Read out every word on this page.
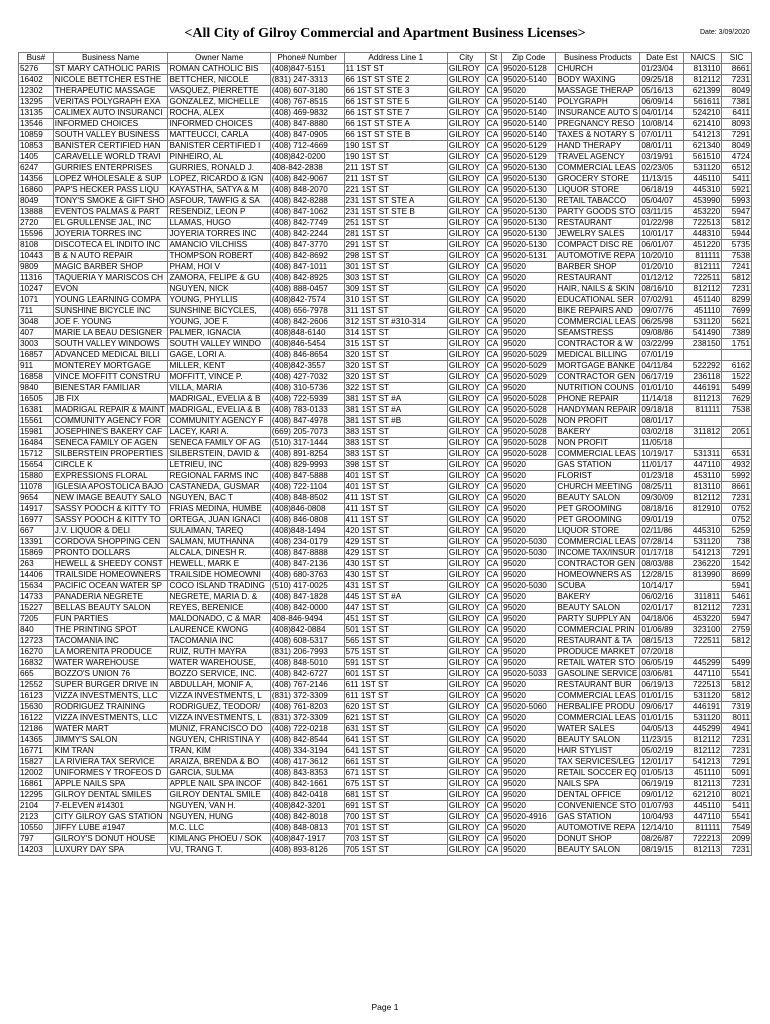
<All City of Gilroy Commercial and Apartment Business Licenses>	Date: 3/09/2020
Bus#	Business Name	Owner Name	Phone# Number	Address Line 1	City	St	Zip Code	Business Products	Date Est	NAICS	SIC
5276	ST MARY CATHOLIC PARIS	ROMAN CATHOLIC BIS	(408)847-5151	11 1ST ST	GILROY	CA	95020-5128	CHURCH	01/23/04	813110	8661
16402	NICOLE BETTCHER ESTHE	BETTCHER, NICOLE	(831) 247-3313	66 1ST ST STE 2	GILROY	CA	95020-5140	BODY WAXING	09/25/18	812112	7231
12302	THERAPEUTIC MASSAGE	VASQUEZ, PIERRETTE	(408) 607-3180	66 1ST ST STE 3	GILROY	CA	95020	MASSAGE THERAP	05/16/13	621399	8049
13295	VERITAS POLYGRAPH EXA	GONZALEZ, MICHELLE	(408) 767-8515	66 1ST ST STE 5	GILROY	CA	95020-5140	POLYGRAPH	06/09/14	561611	7381
13135	CALIMEX AUTO INSURANCI	ROCHA, ALEX	(408) 469-9832	66 1ST ST STE 7	GILROY	CA	95020-5140	INSURANCE AUTO S	04/01/14	524210	6411
13546	INFORMED CHOICES	INFORMED CHOICES	(408) 847-8880	66 1ST ST STE A	GILROY	CA	95020-5140	PREGNANCY RESO	10/08/14	621410	8093
10859	SOUTH VALLEY BUSINESS	MATTEUCCI, CARLA	(408) 847-0905	66 1ST ST STE B	GILROY	CA	95020-5140	TAXES & NOTARY S	07/01/11	541213	7291
10853	BANISTER CERTIFIED HAN	BANISTER CERTIFIED I	(408) 712-4669	190 1ST ST	GILROY	CA	95020-5129	HAND THERAPY	08/01/11	621340	8049
1405	CARAVELLE WORLD TRAVI	PINHEIRO, AL	(408)842-0200	190 1ST ST	GILROY	CA	95020-5129	TRAVEL AGENCY	03/19/91	561510	4724
6247	GURRIES ENTERPRISES	GURRIES, RONALD J.	408-842-2838	211 1ST ST	GILROY	CA	95020-5130	COMMERCIAL LEAS	02/23/05	531120	6512
14356	LOPEZ WHOLESALE & SUP	LOPEZ, RICARDO & IGN	(408) 842-9067	211 1ST ST	GILROY	CA	95020-5130	GROCERY STORE	11/13/15	445110	5411
16860	PAP'S HECKER PASS LIQU	KAYASTHA, SATYA & M	(408) 848-2070	221 1ST ST	GILROY	CA	95020-5130	LIQUOR STORE	06/18/19	445310	5921
8049	TONY'S SMOKE & GIFT SHO	ASFOUR, TAWFIG & SA	(408) 842-8288	231 1ST ST STE A	GILROY	CA	95020-5130	RETAIL TABACCO	05/04/07	453990	5993
13888	EVENTOS PALMAS & PART	RESENDIZ, LEON P	(408) 847-1062	231 1ST ST STE B	GILROY	CA	95020-5130	PARTY GOODS STO	03/11/15	453220	5947
2720	EL GRULLENSE JAL, INC	LLAMAS, HUGO	(408) 842-7749	251 1ST ST	GILROY	CA	95020-5130	RESTAURANT	01/22/98	722513	5812
15596	JOYERIA TORRES INC	JOYERIA TORRES INC	(408) 842-2244	281 1ST ST	GILROY	CA	95020-5130	JEWELRY SALES	10/01/17	448310	5944
8108	DISCOTECA EL INDITO INC	AMANCIO VILCHISS	(408) 847-3770	291 1ST ST	GILROY	CA	95020-5130	COMPACT DISC RE	06/01/07	451220	5735
10443	B & N AUTO REPAIR	THOMPSON ROBERT	(408) 842-8692	298 1ST ST	GILROY	CA	95020-5131	AUTOMOTIVE REPA	10/20/10	811111	7538
9809	MAGIC BARBER SHOP	PHAM, HOI V	(408) 847-1011	301 1ST ST	GILROY	CA	95020	BARBER SHOP	01/20/10	812111	7241
11316	TAQUERIA Y MARISCOS CH	ZAMORA, FELIPE & GU	(408) 842-8925	303 1ST ST	GILROY	CA	95020	RESTAURANT	01/12/12	722511	5812
10247	EVON	NGUYEN, NICK	(408) 888-0457	309 1ST ST	GILROY	CA	95020	HAIR, NAILS & SKIN	08/16/10	812112	7231
1071	YOUNG LEARNING COMPA	YOUNG, PHYLLIS	(408)842-7574	310 1ST ST	GILROY	CA	95020	EDUCATIONAL SER	07/02/91	451140	8299
711	SUNSHINE BICYCLE INC	SUNSHINE BICYCLES,	(408) 656-7978	311 1ST ST	GILROY	CA	95020	BIKE REPAIRS AND	09/07/76	451110	7699
3048	JOE F. YOUNG	YOUNG, JOE F.	(408) 842-2606	312 1ST ST #310-314	GILROY	CA	95020	COMMERCIAL LEAS	06/25/98	531120	5621
407	MARIE LA BEAU DESIGNER	PALMER, IGNACIA	(408)848-6140	314 1ST ST	GILROY	CA	95020	SEAMSTRESS	09/08/86	541490	7389
3003	SOUTH VALLEY WINDOWS	SOUTH VALLEY WINDO	(408)846-5454	315 1ST ST	GILROY	CA	95020	CONTRACTOR & W	03/22/99	238150	1751
16857	ADVANCED MEDICAL BILLI	GAGE, LORI A.	(408) 846-8654	320 1ST ST	GILROY	CA	95020-5029	MEDICAL BILLING	07/01/19		
911	MONTEREY MORTGAGE	MILLER, KENT	(408)842-3557	320 1ST ST	GILROY	CA	95020-5029	MORTGAGE BANKE	04/11/84	522292	6162
16858	VINCE MOFFITT CONSTRU	MOFFITT, VINCE P.	(408) 427-7032	320 1ST ST	GILROY	CA	95020-5029	CONTRACTOR GEN	06/17/19	236118	1522
9840	BIENESTAR FAMILIAR	VILLA, MARIA	(408) 310-5736	322 1ST ST	GILROY	CA	95020	NUTRITION COUNS	01/01/10	446191	5499
16505	JB FIX	MADRIGAL, EVELIA & B	(408) 722-5939	381 1ST ST #A	GILROY	CA	95020-5028	PHONE REPAIR	11/14/18	811213	7629
16381	MADRIGAL REPAIR & MAINT	MADRIGAL, EVELIA & B	(408) 783-0133	381 1ST ST #A	GILROY	CA	95020-5028	HANDYMAN REPAIR	09/18/18	811111	7538
15561	COMMUNITY AGENCY FOR	COMMUNITY AGENCY F	(408) 847-4978	381 1ST ST #B	GILROY	CA	95020-5028	NON PROFIT	08/01/17		
15981	JOSEPHINE'S BAKERY CAF	LACEY, KARI A.	(669) 205-7073	383 1ST ST	GILROY	CA	95020-5028	BAKERY	03/02/18	311812	2051
16484	SENECA FAMILY OF AGEN	SENECA FAMILY OF AG	(510) 317-1444	383 1ST ST	GILROY	CA	95020-5028	NON PROFIT	11/05/18		
15712	SILBERSTEIN PROPERTIES	SILBERSTEIN, DAVID &	(408) 891-8254	383 1ST ST	GILROY	CA	95020-5028	COMMERCIAL LEAS	10/19/17	531311	6531
15654	CIRCLE K	LETRIEU, INC	(408) 829-9993	398 1ST ST	GILROY	CA	95020	GAS STATION	11/01/17	447110	4932
15880	EXPRESSIONS FLORAL	REGIONAL FARMS INC	(408) 847-5888	401 1ST ST	GILROY	CA	95020	FLORIST	01/23/18	453110	5992
11078	IGLESIA APOSTOLICA BAJO	CASTANEDA, GUSMAR	(408) 722-1104	401 1ST ST	GILROY	CA	95020	CHURCH MEETING	08/25/11	813110	8661
9654	NEW IMAGE BEAUTY SALO	NGUYEN, BAC T	(408) 848-8502	411 1ST ST	GILROY	CA	95020	BEAUTY SALON	09/30/09	812112	7231
14917	SASSY POOCH & KITTY TO	FRIAS MEDINA, HUMBE	(408)846-0808	411 1ST ST	GILROY	CA	95020	PET GROOMING	08/18/16	812910	0752
16977	SASSY POOCH & KITTY TO	ORTEGA, JUAN IGNACI	(408) 846-0808	411 1ST ST	GILROY	CA	95020	PET GROOMING	09/01/19		0752
667	J.V. LIQUOR & DELI	SULAIMAN, TAREQ	(408)848-1494	420 1ST ST	GILROY	CA	95020	LIQUOR STORE	02/11/86	445310	5259
13391	CORDOVA SHOPPING CEN	SALMAN, MUTHANNA	(408) 234-0179	429 1ST ST	GILROY	CA	95020-5030	COMMERCIAL LEAS	07/28/14	531120	738
15869	PRONTO DOLLARS	ALCALA, DINESH R.	(408) 847-8888	429 1ST ST	GILROY	CA	95020-5030	INCOME TAX/INSUR	01/17/18	541213	7291
263	HEWELL & SHEEDY CONST	HEWELL, MARK E	(408) 847-2136	430 1ST ST	GILROY	CA	95020	CONTRACTOR GEN	08/03/88	236220	1542
14406	TRAILSIDE HOMEOWNERS	TRAILSIDE HOMEOWNI	(408) 680-3763	430 1ST ST	GILROY	CA	95020	HOMEOWNERS AS	12/28/15	813990	8699
15634	PACIFIC OCEAN WATER SP	COCO ISLAND TRADING	(510) 417-0025	431 1ST ST	GILROY	CA	95020-5030	SCUBA	10/14/17		5941
14733	PANADERIA NEGRETE	NEGRETE, MARIA D. &	(408) 847-1828	445 1ST ST #A	GILROY	CA	95020	BAKERY	06/02/16	311811	5461
15227	BELLAS BEAUTY SALON	REYES, BERENICE	(408) 842-0000	447 1ST ST	GILROY	CA	95020	BEAUTY SALON	02/01/17	812112	7231
7205	FUN PARTIES	MALDONADO, C & MAR	408-846-9494	451 1ST ST	GILROY	CA	95020	PARTY SUPPLY AN	04/18/06	453220	5947
840	THE PRINTING SPOT	LAURENCE KWONG	(408)842-0884	501 1ST ST	GILROY	CA	95020	COMMERCIAL PRIN	01/06/89	323100	2759
12723	TACOMANIA INC	TACOMANIA INC	(408) 608-5317	565 1ST ST	GILROY	CA	95020	RESTAURANT & TA	08/15/13	722511	5812
16270	LA MORENITA PRODUCE	RUIZ, RUTH MAYRA	(831) 206-7993	575 1ST ST	GILROY	CA	95020	PRODUCE MARKET	07/20/18		
16832	WATER WAREHOUSE	WATER WAREHOUSE,	(408) 848-5010	591 1ST ST	GILROY	CA	95020	RETAIL WATER STO	06/05/19	445299	5499
665	BOZZO'S UNION 76	BOZZO SERVICE, INC.	(408) 842-6727	601 1ST ST	GILROY	CA	95020-5033	GASOLINE SERVICE	03/06/81	447110	5541
12552	SUPER BURGER DRIVE IN	ABDULLAH, MONIF A,	(408) 767-2146	611 1ST ST	GILROY	CA	95020	RESTAURANT BUR	06/19/13	722513	5812
16123	VIZZA INVESTMENTS, LLC	VIZZA INVESTMENTS, L	(831) 372-3309	611 1ST ST	GILROY	CA	95020	COMMERCIAL LEAS	01/01/15	531120	5812
15630	RODRIGUEZ TRAINING	RODRIGUEZ, TEODOR/	(408) 761-8203	620 1ST ST	GILROY	CA	95020-5060	HERBALIFE PRODU	09/06/17	446191	7319
16122	VIZZA INVESTMENTS, LLC	VIZZA INVESTMENTS, L	(831) 372-3309	621 1ST ST	GILROY	CA	95020	COMMERCIAL LEAS	01/01/15	531120	8011
12186	WATER MART	MUNIZ, FRANCISCO DO	(408) 722-0218	631 1ST ST	GILROY	CA	95020	WATER SALES	04/05/13	445299	4941
14365	JIMMY'S SALON	NGUYEN, CHRISTINA Y	(408) 842-8544	641 1ST ST	GILROY	CA	95020	BEAUTY SALON	11/23/15	812112	7231
16771	KIM TRAN	TRAN, KIM	(408) 334-3194	641 1ST ST	GILROY	CA	95020	HAIR STYLIST	05/02/19	812112	7231
15827	LA RIVIERA TAX SERVICE	ARAIZA, BRENDA & BO	(408) 417-3612	661 1ST ST	GILROY	CA	95020	TAX SERVICES/LEG	12/01/17	541213	7291
12002	UNIFORMES Y TROFEOS D	GARCIA, SULMA	(408) 843-8353	671 1ST ST	GILROY	CA	95020	RETAIL SOCCER EQ	01/05/13	451110	5091
16861	APPLE NAILS SPA	APPLE NAIL SPA INCOF	(408) 842-1661	675 1ST ST	GILROY	CA	95020	NAILS SPA	06/19/19	812113	7231
12295	GILROY DENTAL SMILES	GILROY DENTAL SMILE	(408) 842-0418	681 1ST ST	GILROY	CA	95020	DENTAL OFFICE	09/01/12	621210	8021
2104	7-ELEVEN #14301	NGUYEN, VAN H.	(408)842-3201	691 1ST ST	GILROY	CA	95020	CONVENIENCE STO	01/07/93	445110	5411
2123	CITY GILROY GAS STATION	NGUYEN, HUNG	(408) 842-8018	700 1ST ST	GILROY	CA	95020-4916	GAS STATION	10/04/93	447110	5541
10550	JIFFY LUBE #1947	M.C. LLC	(408) 848-0813	701 1ST ST	GILROY	CA	95020	AUTOMOTIVE REPA	12/14/10	811111	7549
797	GILROY'S DONUT HOUSE	KIMLANG PHOEU / SOK	(408)847-1917	703 1ST ST	GILROY	CA	95020	DONUT SHOP	08/26/87	722213	2099
14203	LUXURY DAY SPA	VU, TRANG T.	(408) 893-8126	705 1ST ST	GILROY	CA	95020	BEAUTY SALON	08/19/15	812113	7231
Page 1
